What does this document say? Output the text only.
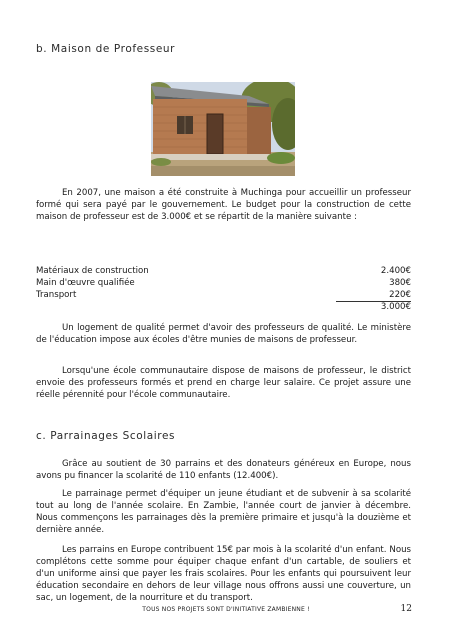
b. Maison de Professeur

En 2007, une maison a été construite à Muchinga pour accueillir un professeur formé qui sera payé par le gouvernement. Le budget pour la construction de cette maison de professeur est de 3.000€ et se répartit de la manière suivante :

Matériaux de construction	2.400€
Main d'œuvre qualifiée	380€
Transport	220€
3.000€

Un logement de qualité permet d'avoir des professeurs de qualité. Le ministère de l'éducation impose aux écoles d'être munies de maisons de professeur.

Lorsqu'une école communautaire dispose de maisons de professeur, le district envoie des professeurs formés et prend en charge leur salaire. Ce projet assure une réelle pérennité pour l'école communautaire.

c. Parrainages Scolaires

Grâce au soutient de 30 parrains et des donateurs généreux en Europe, nous avons pu financer la scolarité de 110 enfants (12.400€).

Le parrainage permet d'équiper un jeune étudiant et de subvenir à sa scolarité tout au long de l'année scolaire. En Zambie, l'année court de janvier à décembre. Nous commençons les parrainages dès la première primaire et jusqu'à la douzième et dernière année.

Les parrains en Europe contribuent 15€ par mois à la scolarité d'un enfant. Nous complétons cette somme pour équiper chaque enfant d'un cartable, de souliers et d'un uniforme ainsi que payer les frais scolaires. Pour les enfants qui poursuivent leur éducation secondaire en dehors de leur village nous offrons aussi une couverture, un sac, un logement, de la nourriture et du transport.

TOUS NOS PROJETS SONT D'INITIATIVE ZAMBIENNE !	12
